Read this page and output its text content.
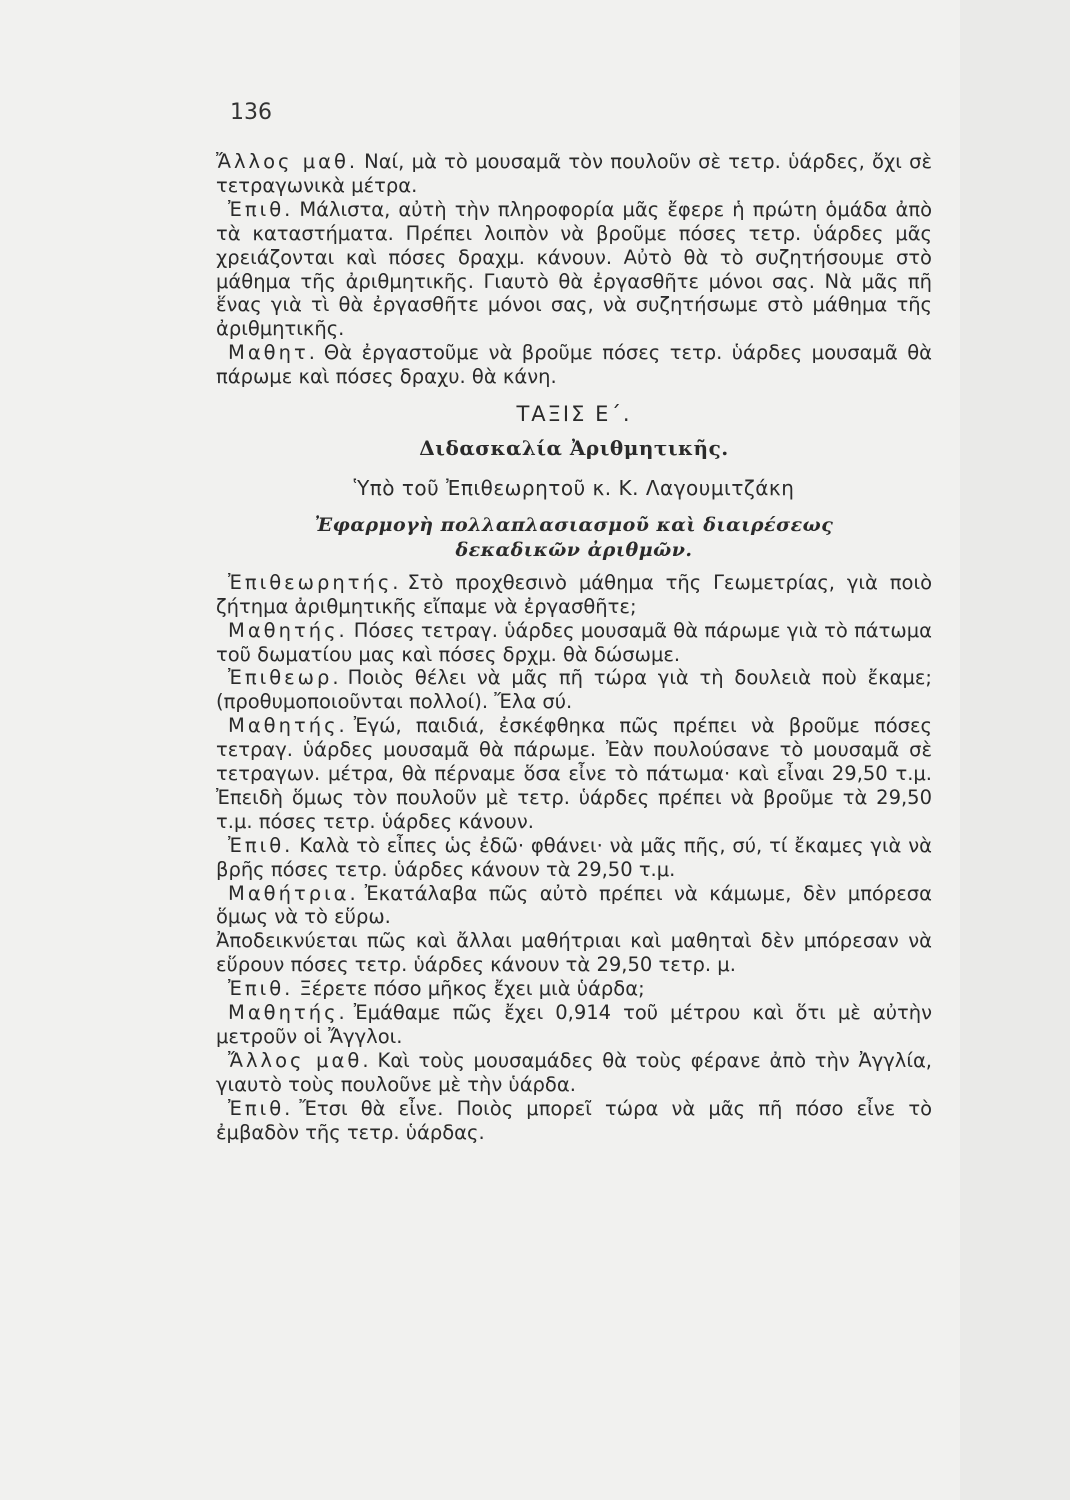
136

Ἄλλος μαθ. Ναί, μὰ τὸ μουσαμᾶ τὸν πουλοῦν σὲ τετρ. ὑάρδες, ὄχι σὲ τετραγωνικὰ μέτρα.

Ἐπιθ. Μάλιστα, αὐτὴ τὴν πληροφορία μᾶς ἔφερε ἡ πρώτη ὁμάδα ἀπὸ τὰ καταστήματα. Πρέπει λοιπὸν νὰ βροῦμε πόσες τετρ. ὑάρδες μᾶς χρειάζονται καὶ πόσες δραχμ. κάνουν. Αὐτὸ θὰ τὸ συζητήσουμε στὸ μάθημα τῆς ἀριθμητικῆς. Γιαυτὸ θὰ ἐργασθῆτε μόνοι σας. Νὰ μᾶς πῆ ἕνας γιὰ τὶ θὰ ἐργασθῆτε μόνοι σας, νὰ συζητήσωμε στὸ μάθημα τῆς ἀριθμητικῆς.

Μαθητ. Θὰ ἐργαστοῦμε νὰ βροῦμε πόσες τετρ. ὑάρδες μουσαμᾶ θὰ πάρωμε καὶ πόσες δραχυ. θὰ κάνη.

ΤΑΞΙΣ Ε΄.
Διδασκαλία Ἀριθμητικῆς.
Ὑπὸ τοῦ Ἐπιθεωρητοῦ κ. Κ. Λαγουμιτζάκη
Ἐφαρμογὴ πολλαπλασιασμοῦ καὶ διαιρέσεως
δεκαδικῶν ἀριθμῶν.

Ἐπιθεωρητής. Στὸ προχθεσινὸ μάθημα τῆς Γεωμετρίας, γιὰ ποιὸ ζήτημα ἀριθμητικῆς εἴπαμε νὰ ἐργασθῆτε;

Μαθητής. Πόσες τετραγ. ὑάρδες μουσαμᾶ θὰ πάρωμε γιὰ τὸ πάτωμα τοῦ δωματίου μας καὶ πόσες δρχμ. θὰ δώσωμε.

Ἐπιθεωρ. Ποιὸς θέλει νὰ μᾶς πῆ τώρα γιὰ τὴ δουλειὰ ποὺ ἔκαμε; (προθυμοποιοῦνται πολλοί). Ἔλα σύ.

Μαθητής. Ἐγώ, παιδιά, ἐσκέφθηκα πῶς πρέπει νὰ βροῦμε πόσες τετραγ. ὑάρδες μουσαμᾶ θὰ πάρωμε. Ἐὰν πουλούσανε τὸ μουσαμᾶ σὲ τετραγων. μέτρα, θὰ πέρναμε ὅσα εἶνε τὸ πάτωμα· καὶ εἶναι 29,50 τ.μ. Ἐπειδὴ ὅμως τὸν πουλοῦν μὲ τετρ. ὑάρδες πρέπει νὰ βροῦμε τὰ 29,50 τ.μ. πόσες τετρ. ὑάρδες κάνουν.

Ἐπιθ. Καλὰ τὸ εἶπες ὡς ἐδῶ· φθάνει· νὰ μᾶς πῆς, σύ, τί ἔκαμες γιὰ νὰ βρῆς πόσες τετρ. ὑάρδες κάνουν τὰ 29,50 τ.μ.

Μαθήτρια. Ἐκατάλαβα πῶς αὐτὸ πρέπει νὰ κάμωμε, δὲν μπόρεσα ὅμως νὰ τὸ εὕρω.

Ἀποδεικνύεται πῶς καὶ ἄλλαι μαθήτριαι καὶ μαθηταὶ δὲν μπόρεσαν νὰ εὕρουν πόσες τετρ. ὑάρδες κάνουν τὰ 29,50 τετρ. μ.

Ἐπιθ. Ξέρετε πόσο μῆκος ἔχει μιὰ ὑάρδα;

Μαθητής. Ἐμάθαμε πῶς ἔχει 0,914 τοῦ μέτρου καὶ ὅτι μὲ αὐτὴν μετροῦν οἱ Ἄγγλοι.

Ἄλλος μαθ. Καὶ τοὺς μουσαμάδες θὰ τοὺς φέρανε ἀπὸ τὴν Ἀγγλία, γιαυτὸ τοὺς πουλοῦνε μὲ τὴν ὑάρδα.

Ἐπιθ. Ἔτσι θὰ εἶνε. Ποιὸς μπορεῖ τώρα νὰ μᾶς πῆ πόσο εἶνε τὸ ἐμβαδὸν τῆς τετρ. ὑάρδας.
